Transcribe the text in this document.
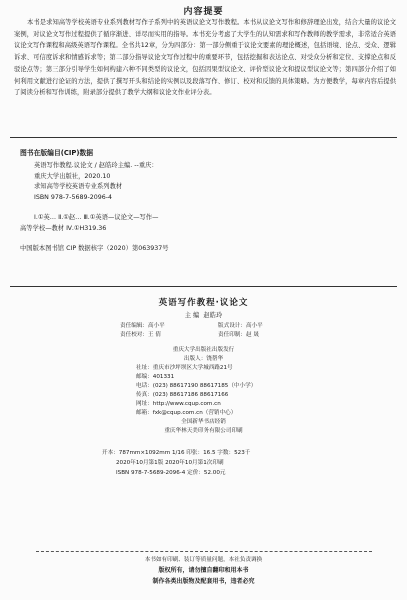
内容提要

本书是求知高等学校英语专业系列教材写作子系列中的英语议论文写作教程。本书从议论文写作和修辞理论出发，结合大量的议论文案例，对议论文写作过程提供了循序渐进、详尽而实用的指导。本书充分考虑了大学生的认知需求和写作教师的教学需求，非常适合英语议论文写作课程和高级英语写作课程。全书共12章，分为四部分：第一部分侧重于议论文要素的理论概述，包括语境、论点、受众、逻辑诉求、可信度诉求和情感诉求等；第二部分指导议论文写作过程中的重要环节，包括挖掘和表达论点、对受众分析和定位、支撑论点和反驳论点等；第三部分引导学生如何构建六种不同类型的议论文，包括因果型议论文、评价型议论文和提议型议论文等；第四部分介绍了如何利用文献进行论证的方法，提供了撰写开头和结论的实例以及段落写作、修订、校对和反馈的具体策略。为方便教学，每章内容后提供了阅读分析和写作训练，附录部分提供了教学大纲和议论文作业评分表。

图书在版编目(CIP)数据
英语写作教程.议论文 / 赵皓玲主编. --重庆：
重庆大学出版社，2020.10
求知高等学校英语专业系列教材
ISBN 978-7-5689-2096-4
Ⅰ.①英… Ⅱ.①赵… Ⅲ.①英语—议论文—写作—
高等学校—教材 Ⅳ.①H319.36
中国版本图书馆 CIP 数据核字（2020）第063937号
英语写作教程·议论文
主 编 赵皓玲
责任编辑：高小平
责任校对：王 倩
版式设计：高小平
责任印制：赵 晟
重庆大学出版社出版发行
出版人：饶帮华
社址：重庆市沙坪坝区大学城西路21号
邮编：401331
电话：(023) 88617190 88617185（中小学）
传真：(023) 88617186 88617166
网址：http://www.cqup.com.cn
邮箱：fxk@cqup.com.cn（营销中心）
全国新华书店经销
重庆华林天美印务有限公司印刷
开本：787mm×1092mm 1/16 印张：16.5 字数：523千
2020年10月第1版 2020年10月第1次印刷
ISBN 978-7-5689-2096-4 定价：52.00元
本书如有印刷、装订等质量问题，本社负责调换
版权所有，请勿擅自翻印和用本书
制作各类出版物及配套用书，违者必究
